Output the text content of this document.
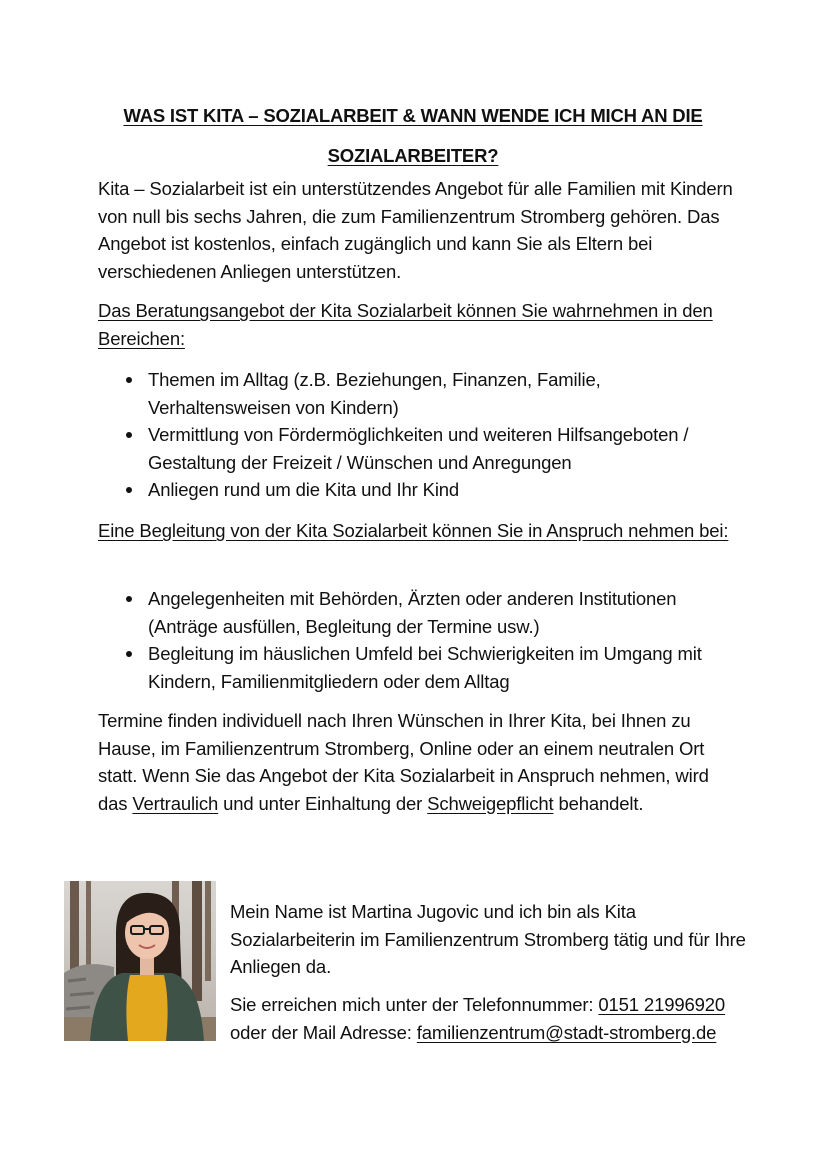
WAS IST KITA – SOZIALARBEIT & WANN WENDE ICH MICH AN DIE
SOZIALARBEITER?
Kita – Sozialarbeit ist ein unterstützendes Angebot für alle Familien mit Kindern von null bis sechs Jahren, die zum Familienzentrum Stromberg gehören. Das Angebot ist kostenlos, einfach zugänglich und kann Sie als Eltern bei verschiedenen Anliegen unterstützen.
Das Beratungsangebot der Kita Sozialarbeit können Sie wahrnehmen in den Bereichen:
Themen im Alltag (z.B. Beziehungen, Finanzen, Familie, Verhaltensweisen von Kindern)
Vermittlung von Fördermöglichkeiten und weiteren Hilfsangeboten / Gestaltung der Freizeit / Wünschen und Anregungen
Anliegen rund um die Kita und Ihr Kind
Eine Begleitung von der Kita Sozialarbeit können Sie in Anspruch nehmen bei:
Angelegenheiten mit Behörden, Ärzten oder anderen Institutionen (Anträge ausfüllen, Begleitung der Termine usw.)
Begleitung im häuslichen Umfeld bei Schwierigkeiten im Umgang mit Kindern, Familienmitgliedern oder dem Alltag
Termine finden individuell nach Ihren Wünschen in Ihrer Kita, bei Ihnen zu Hause, im Familienzentrum Stromberg, Online oder an einem neutralen Ort statt. Wenn Sie das Angebot der Kita Sozialarbeit in Anspruch nehmen, wird das Vertraulich und unter Einhaltung der Schweigepflicht behandelt.
Mein Name ist Martina Jugovic und ich bin als Kita Sozialarbeiterin im Familienzentrum Stromberg tätig und für Ihre Anliegen da.
Sie erreichen mich unter der Telefonnummer: 0151 21996920
oder der Mail Adresse: familienzentrum@stadt-stromberg.de
